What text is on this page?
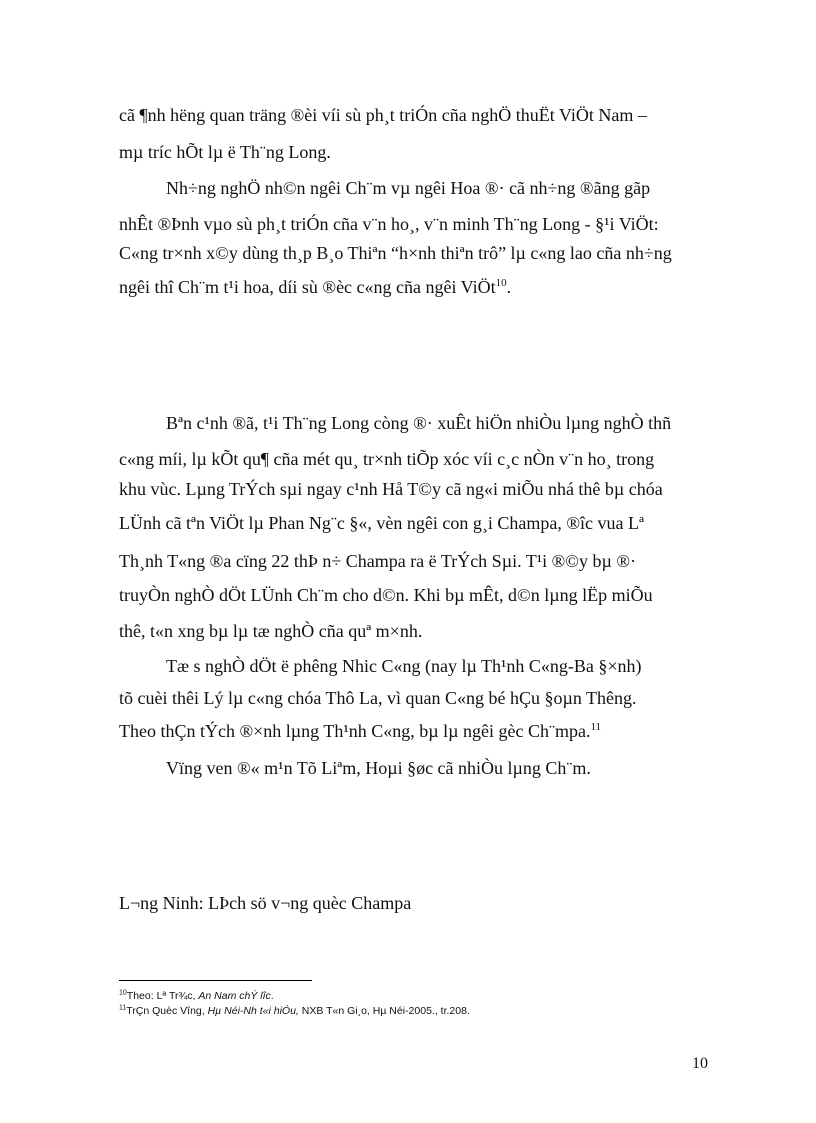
cã ¶nh hëng quan träng ®èi víi sù ph¸t triÓn cña nghÖ thuËt ViÖt Nam –
mµ tríc hÕt lµ ë Th¨ng Long.
Nh÷ng nghÖ nh©n ngêi Ch¨m vµ ngêi Hoa ®· cã nh÷ng ®ãng gãp
nhÊt ®Þnh vµo sù ph¸t triÓn cña v¨n ho¸, v¨n minh Th¨ng Long - §¹i ViÖt:
C«ng tr×nh x©y dùng th¸p B¸o Thiªn “h×nh thiªn trô” lµ c«ng lao cña nh÷ng
ngêi thî Ch¨m t¹i hoa, díi sù ®èc c«ng cña ngêi ViÖt$^{10}$.
Bªn c¹nh ®ã, t¹i Th¨ng Long còng ®· xuÊt hiÖn nhiÒu lµng nghÒ thñ
c«ng míi, lµ kÕt qu¶ cña mét qu¸ tr×nh tiÕp xóc víi c¸c nÒn v¨n ho¸ trong
khu vùc. Lµng TrÝch sµi ngay c¹nh Hå T©y cã ng«i miÕu nhá thê bµ chóa
LÜnh cã tªn ViÖt lµ Phan Ng¨c §«, vèn ngêi con g¸i Champa, ®îc vua Lª
Th¸nh T«ng ®a cïng 22 thÞ n÷ Champa ra ë TrÝch Sµi. T¹i ®©y bµ ®·
truyÒn nghÒ dÖt LÜnh Ch¨m cho d©n. Khi bµ mÊt, d©n lµng lËp miÕu
thê, t«n xng bµ lµ tæ nghÒ cña quª m×nh.
Tæ s nghÒ dÖt ë phêng Nhic C«ng (nay lµ Th¹nh C«ng-Ba §×nh)
tõ cuèi thêi Lý lµ c«ng chóa Thô La, vì quan C«ng bé hÇu §oµn Thêng.
Theo thÇn tÝch ®×nh lµng Th¹nh C«ng, bµ lµ ngêi gèc Ch¨mpa.$^{11}$
Vïng ven ®« m¹n Tõ Liªm, Hoµi §øc cã nhiÒu lµng Ch¨m.
L¬ng Ninh: LÞch sö v¬ng quèc Champa
$^{10}$Theo: Lª Tr¾c, An Nam chÝ lîc.
$^{11}$TrÇn Quèc Vîng, Hµ Néi-Nh t«i hiÓu, NXB T«n Gi¸o, Hµ Néi-2005., tr.208.
10
